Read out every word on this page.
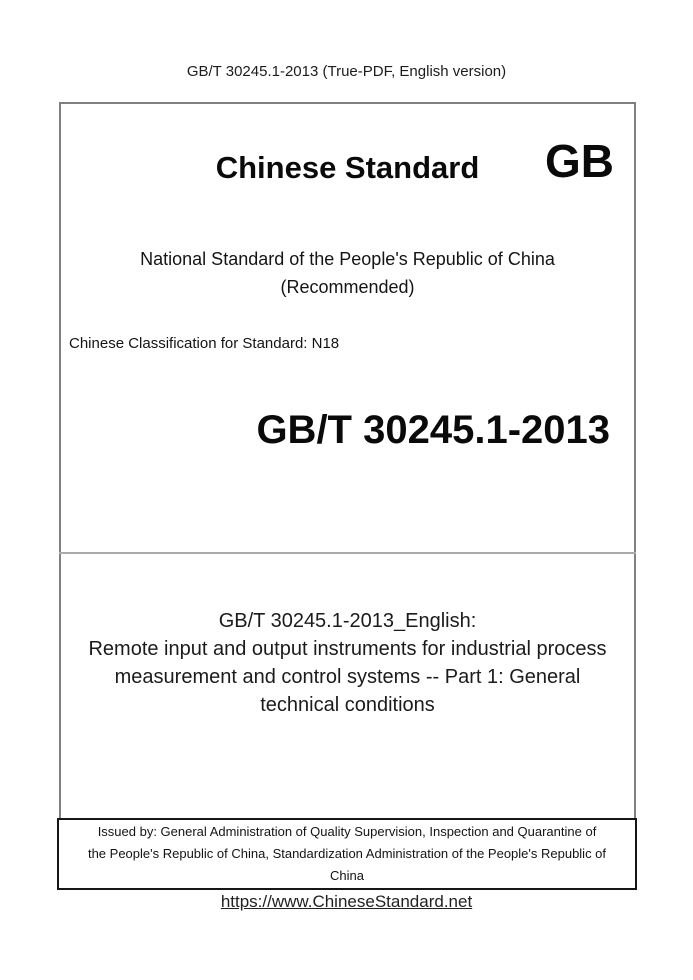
GB/T 30245.1-2013 (True-PDF, English version)
Chinese Standard	GB
National Standard of the People's Republic of China
(Recommended)
Chinese Classification for Standard: N18
GB/T 30245.1-2013
GB/T 30245.1-2013_English:
Remote input and output instruments for industrial process
measurement and control systems -- Part 1: General
technical conditions
Issued by: General Administration of Quality Supervision, Inspection and Quarantine of
the People's Republic of China, Standardization Administration of the People's Republic of
China
https://www.ChineseStandard.net
